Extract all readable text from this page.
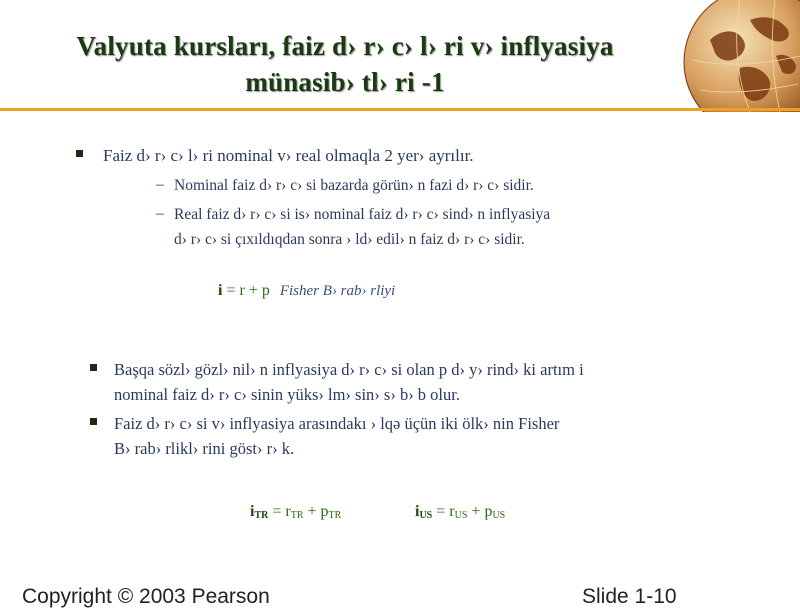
Valyuta kursları, faiz d› r› c› l› ri v› inflyasiya
münasib› tl› ri -1
Faiz d› r› c› l› ri nominal v› real olmaqla 2 yer› ayrılır.
– Nominal faiz d› r› c› si bazarda görün› n fazi d› r› c› sidir.
– Real faiz d› r› c› si is› nominal faiz d› r› c› sind› n inflyasiya
d› r› c› si çıxıldıqdan sonra › ld› edil› n faiz d› r› c› sidir.
i = r + p Fisher B› rab› rliyi
Başqa sözl› gözl› nil› n inflyasiya d› r› c› si olan p d› y› rind› ki artım i
nominal faiz d› r› c› sinin yüks› lm› sin› s› b› b olur.
Faiz d› r› c› si v› inflyasiya arasındakı › lqə üçün iki ölk› nin Fisher
B› rab› rlikl› rini göst› r› k.
$i_{TR} = r_{TR} + p_{TR}$	$i_{US} = r_{US} + p_{US}$
Copyright © 2003 Pearson	Slide 1-10
